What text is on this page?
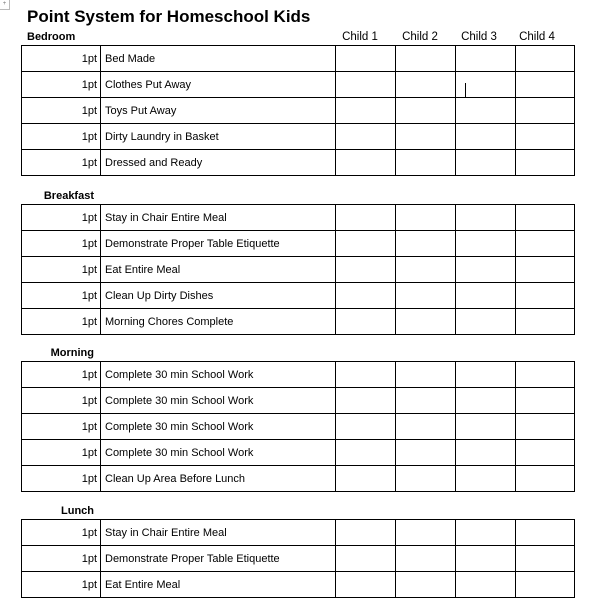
+
Point System for Homeschool Kids
Child 1	Child 2	Child 3	Child 4
Bedroom
Breakfast
Morning
Lunch
1pt	Bed Made				
1pt	Clothes Put Away				
1pt	Toys Put Away				
1pt	Dirty Laundry in Basket				
1pt	Dressed and Ready				
1pt	Stay in Chair Entire Meal				
1pt	Demonstrate Proper Table Etiquette				
1pt	Eat Entire Meal				
1pt	Clean Up Dirty Dishes				
1pt	Morning Chores Complete				
1pt	Complete 30 min School Work				
1pt	Complete 30 min School Work				
1pt	Complete 30 min School Work				
1pt	Complete 30 min School Work				
1pt	Clean Up Area Before Lunch				
1pt	Stay in Chair Entire Meal				
1pt	Demonstrate Proper Table Etiquette				
1pt	Eat Entire Meal				
